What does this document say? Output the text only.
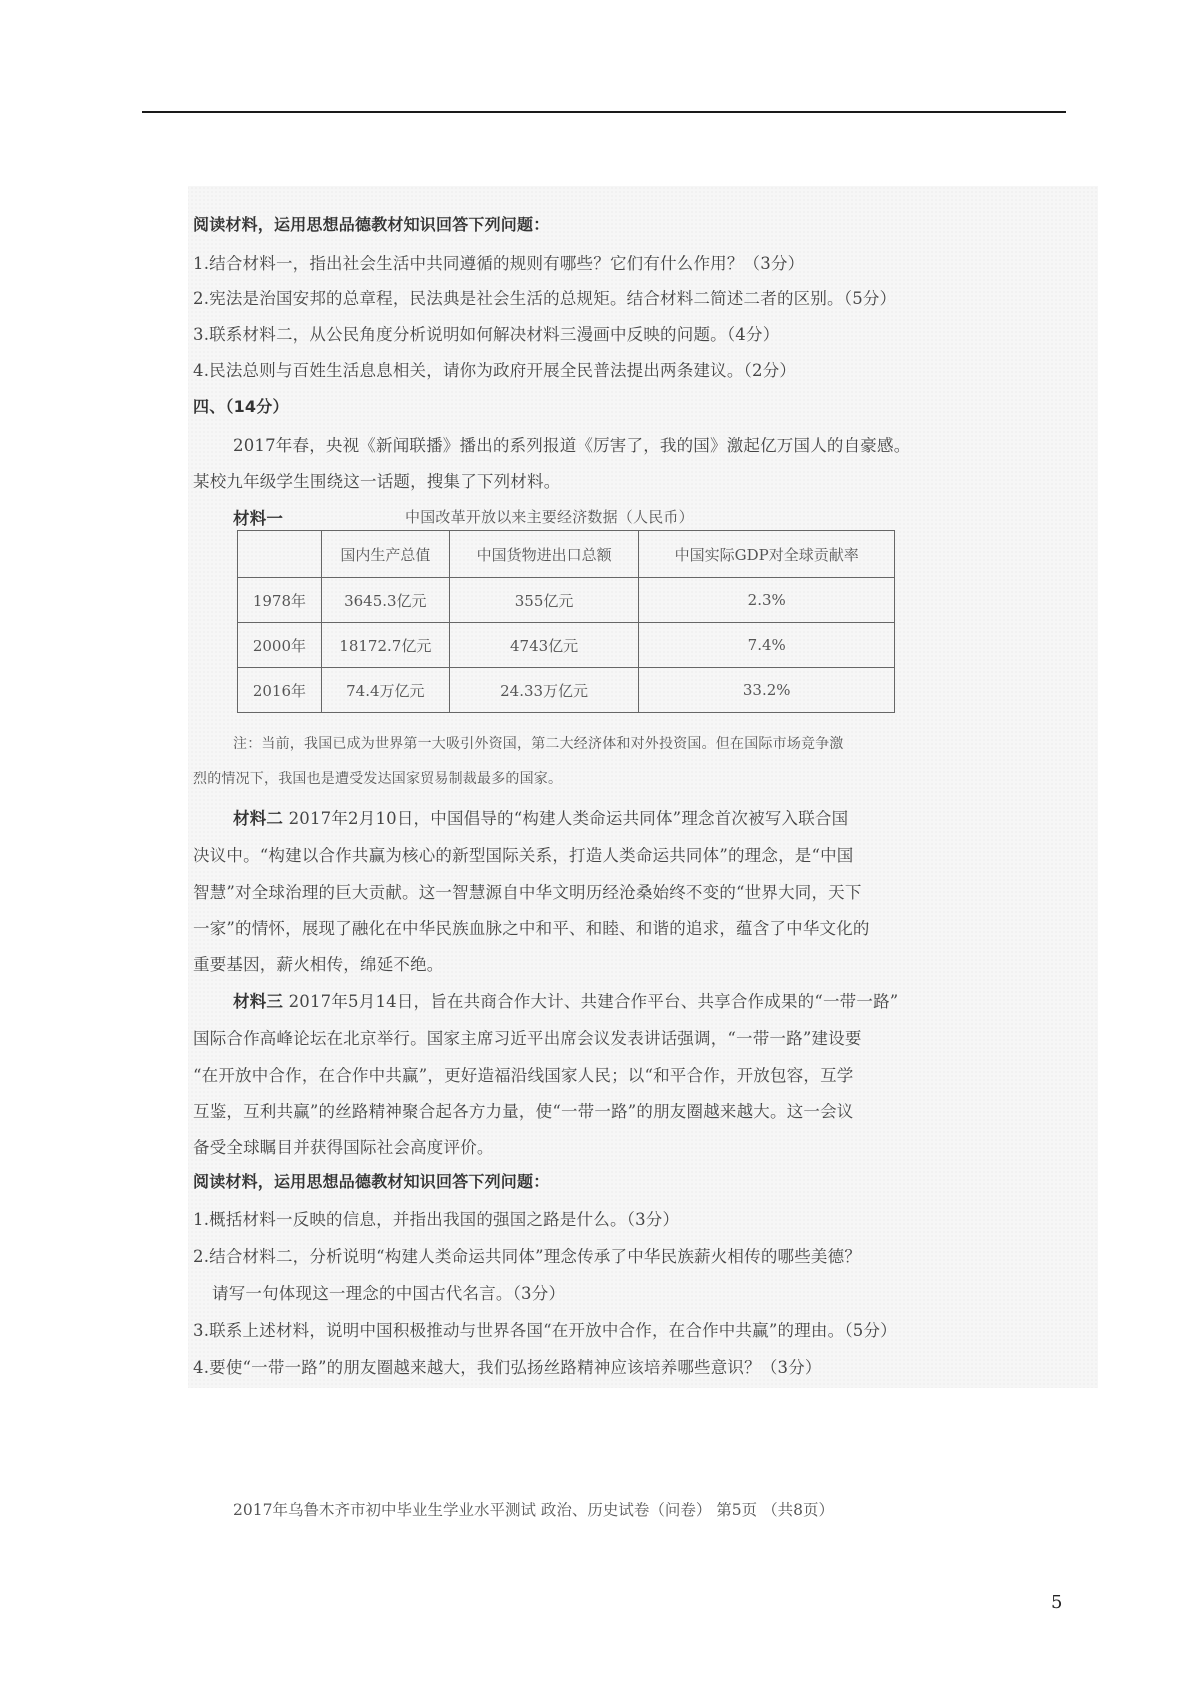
阅读材料，运用思想品德教材知识回答下列问题：
1.结合材料一，指出社会生活中共同遵循的规则有哪些？它们有什么作用？（3分）
2.宪法是治国安邦的总章程，民法典是社会生活的总规矩。结合材料二简述二者的区别。（5分）
3.联系材料二，从公民角度分析说明如何解决材料三漫画中反映的问题。（4分）
4.民法总则与百姓生活息息相关，请你为政府开展全民普法提出两条建议。（2分）
四、（14分）
2017年春，央视《新闻联播》播出的系列报道《厉害了，我的国》激起亿万国人的自豪感。
某校九年级学生围绕这一话题，搜集了下列材料。
材料一	中国改革开放以来主要经济数据（人民币）
	国内生产总值	中国货物进出口总额	中国实际GDP对全球贡献率
1978年	3645.3亿元	355亿元	2.3%
2000年	18172.7亿元	4743亿元	7.4%
2016年	74.4万亿元	24.33万亿元	33.2%
注：当前，我国已成为世界第一大吸引外资国，第二大经济体和对外投资国。但在国际市场竞争激
烈的情况下，我国也是遭受发达国家贸易制裁最多的国家。
材料二 2017年2月10日，中国倡导的“构建人类命运共同体”理念首次被写入联合国
决议中。“构建以合作共赢为核心的新型国际关系，打造人类命运共同体”的理念，是“中国
智慧”对全球治理的巨大贡献。这一智慧源自中华文明历经沧桑始终不变的“世界大同，天下
一家”的情怀，展现了融化在中华民族血脉之中和平、和睦、和谐的追求，蕴含了中华文化的
重要基因，薪火相传，绵延不绝。
材料三 2017年5月14日，旨在共商合作大计、共建合作平台、共享合作成果的“一带一路”
国际合作高峰论坛在北京举行。国家主席习近平出席会议发表讲话强调，“一带一路”建设要
“在开放中合作，在合作中共赢”，更好造福沿线国家人民；以“和平合作，开放包容，互学
互鉴，互利共赢”的丝路精神聚合起各方力量，使“一带一路”的朋友圈越来越大。这一会议
备受全球瞩目并获得国际社会高度评价。
阅读材料，运用思想品德教材知识回答下列问题：
1.概括材料一反映的信息，并指出我国的强国之路是什么。（3分）
2.结合材料二，分析说明“构建人类命运共同体”理念传承了中华民族薪火相传的哪些美德？
请写一句体现这一理念的中国古代名言。（3分）
3.联系上述材料，说明中国积极推动与世界各国“在开放中合作，在合作中共赢”的理由。（5分）
4.要使“一带一路”的朋友圈越来越大，我们弘扬丝路精神应该培养哪些意识？（3分）
2017年乌鲁木齐市初中毕业生学业水平测试 政治、历史试卷（问卷） 第5页 （共8页）
5
